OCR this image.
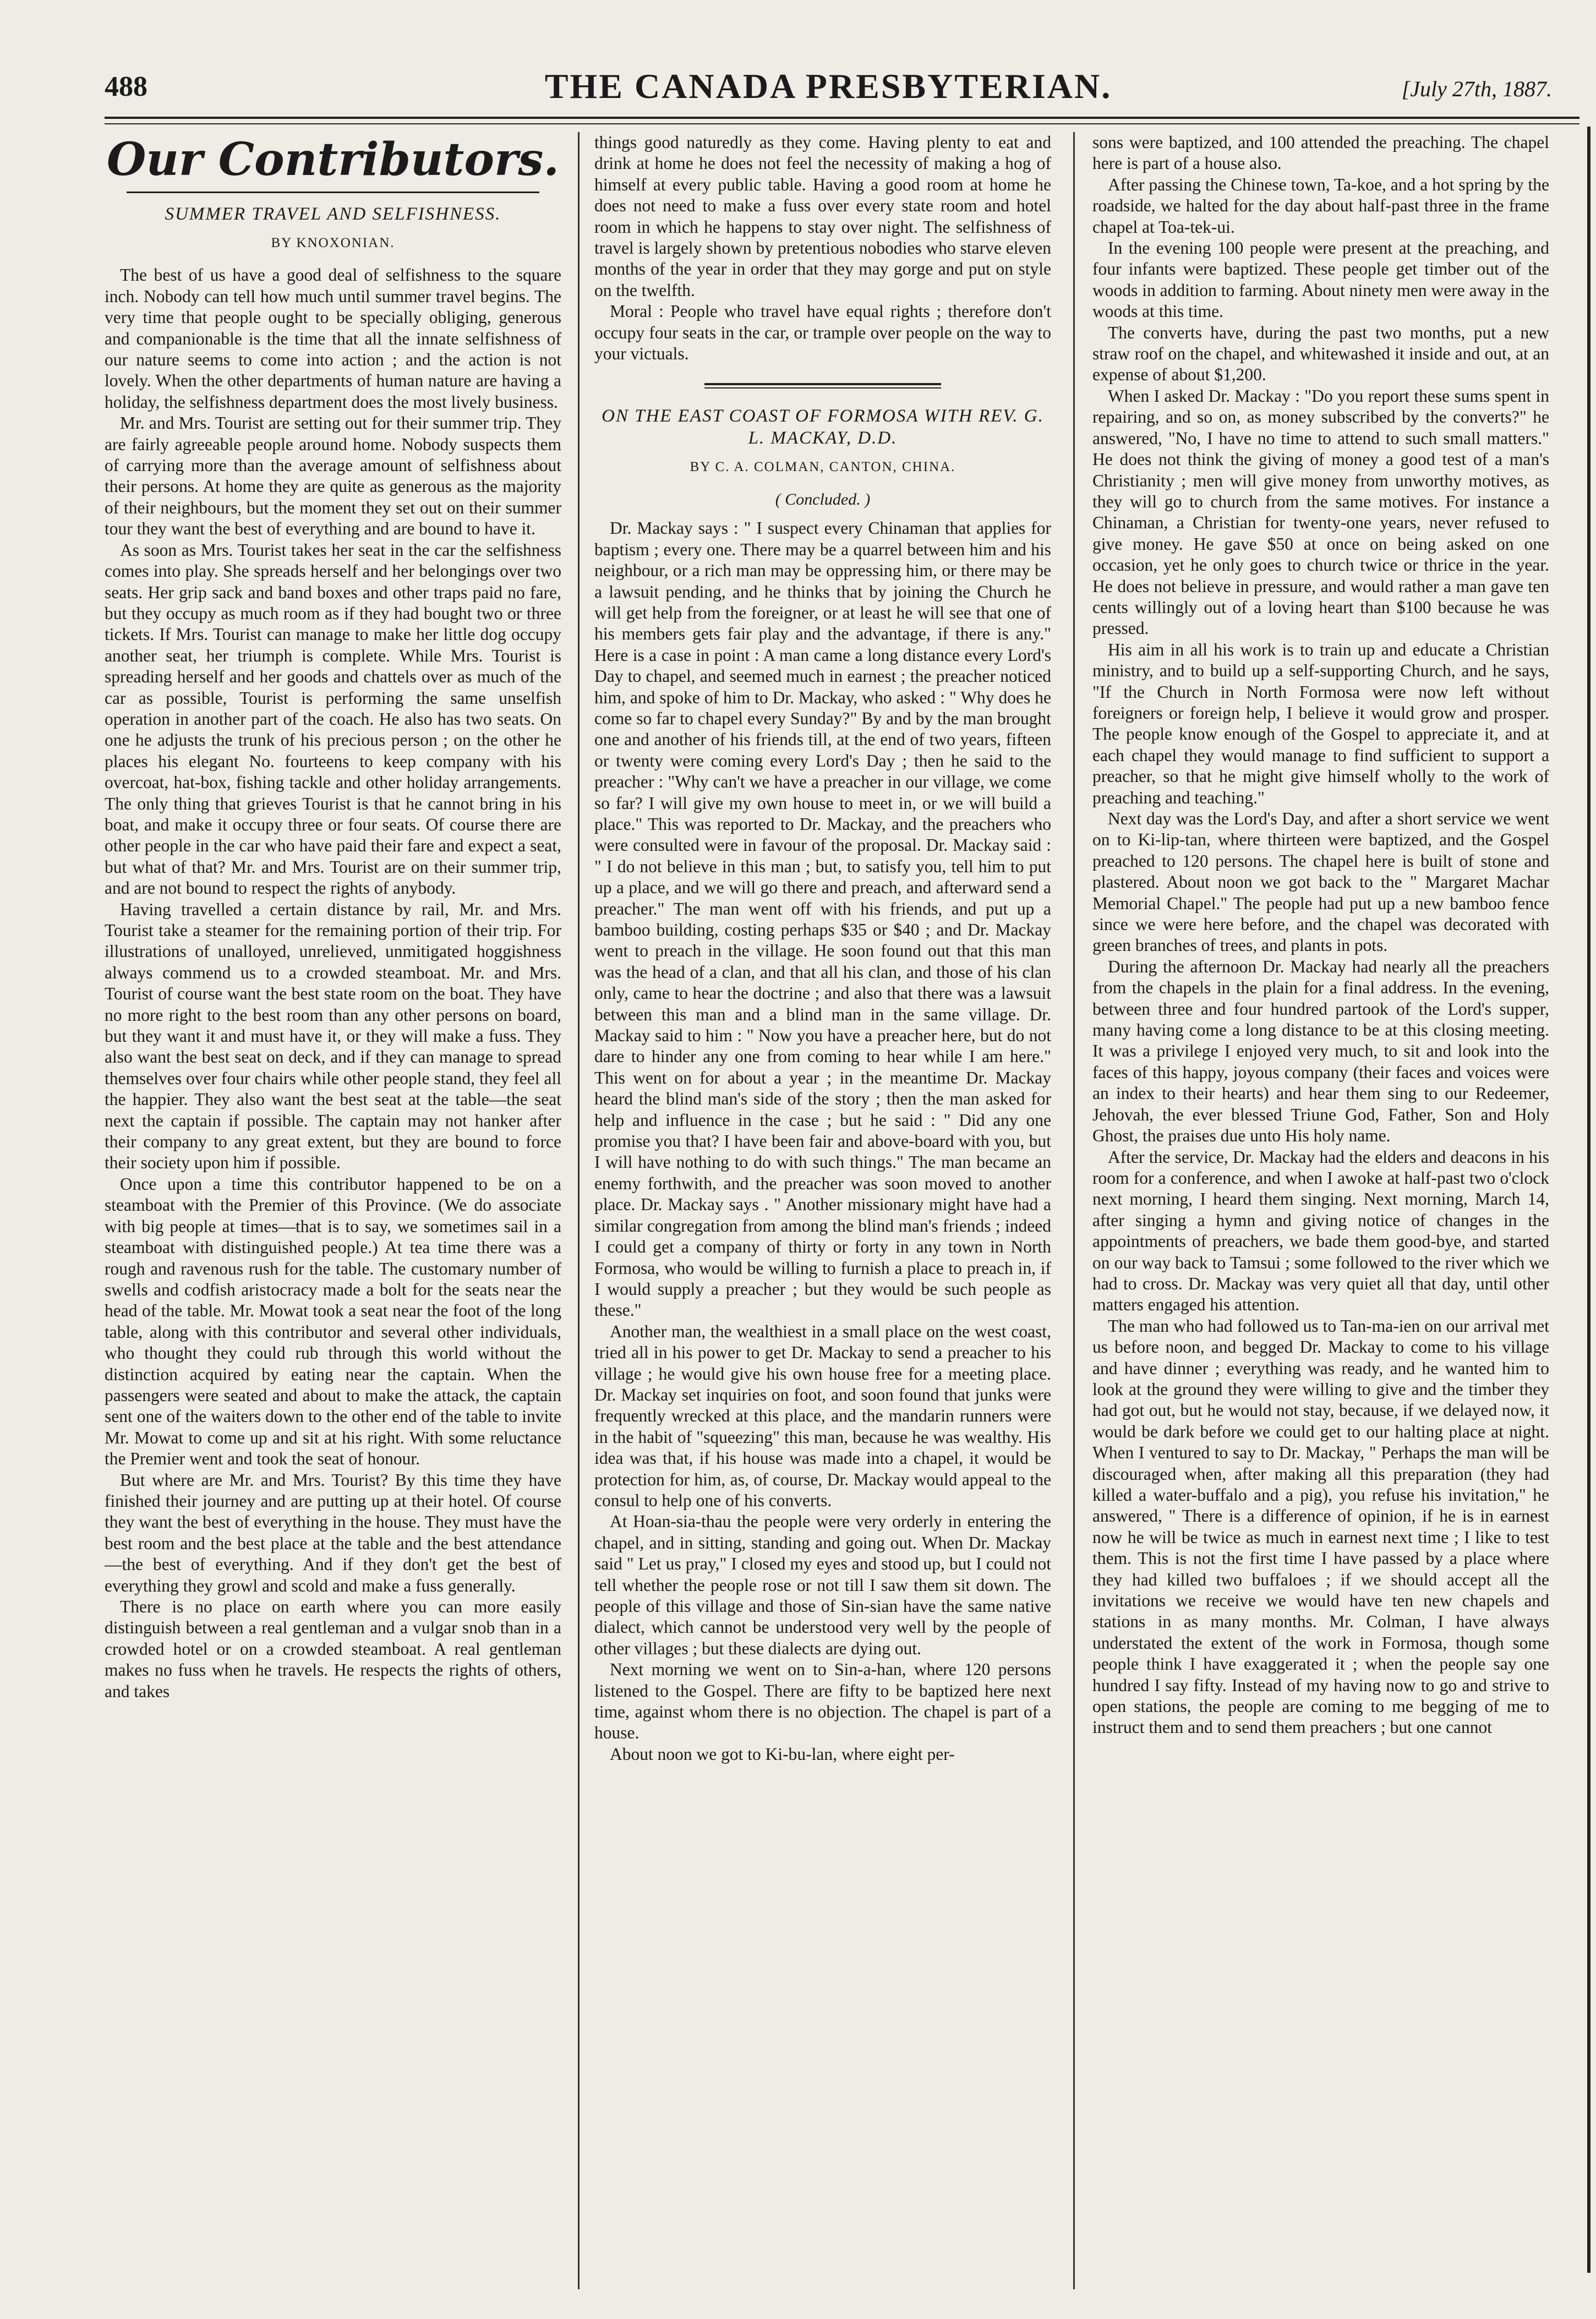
488	THE CANADA PRESBYTERIAN.	[July 27th, 1887.
Our Contributors.
SUMMER TRAVEL AND SELFISHNESS.
BY KNOXONIAN.

The best of us have a good deal of selfishness to the square inch. Nobody can tell how much until summer travel begins. The very time that people ought to be specially obliging, generous and companionable is the time that all the innate selfishness of our nature seems to come into action ; and the action is not lovely. When the other departments of human nature are having a holiday, the selfishness department does the most lively business.

Mr. and Mrs. Tourist are setting out for their summer trip. They are fairly agreeable people around home. Nobody suspects them of carrying more than the average amount of selfishness about their persons. At home they are quite as generous as the majority of their neighbours, but the moment they set out on their summer tour they want the best of everything and are bound to have it.

As soon as Mrs. Tourist takes her seat in the car the selfishness comes into play. She spreads herself and her belongings over two seats. Her grip sack and band boxes and other traps paid no fare, but they occupy as much room as if they had bought two or three tickets. If Mrs. Tourist can manage to make her little dog occupy another seat, her triumph is complete. While Mrs. Tourist is spreading herself and her goods and chattels over as much of the car as possible, Tourist is performing the same unselfish operation in another part of the coach. He also has two seats. On one he adjusts the trunk of his precious person ; on the other he places his elegant No. fourteens to keep company with his overcoat, hat-box, fishing tackle and other holiday arrangements. The only thing that grieves Tourist is that he cannot bring in his boat, and make it occupy three or four seats. Of course there are other people in the car who have paid their fare and expect a seat, but what of that? Mr. and Mrs. Tourist are on their summer trip, and are not bound to respect the rights of anybody.

Having travelled a certain distance by rail, Mr. and Mrs. Tourist take a steamer for the remaining portion of their trip. For illustrations of unalloyed, unrelieved, unmitigated hoggishness always commend us to a crowded steamboat. Mr. and Mrs. Tourist of course want the best state room on the boat. They have no more right to the best room than any other persons on board, but they want it and must have it, or they will make a fuss. They also want the best seat on deck, and if they can manage to spread themselves over four chairs while other people stand, they feel all the happier. They also want the best seat at the table—the seat next the captain if possible. The captain may not hanker after their company to any great extent, but they are bound to force their society upon him if possible.

Once upon a time this contributor happened to be on a steamboat with the Premier of this Province. (We do associate with big people at times—that is to say, we sometimes sail in a steamboat with distinguished people.) At tea time there was a rough and ravenous rush for the table. The customary number of swells and codfish aristocracy made a bolt for the seats near the head of the table. Mr. Mowat took a seat near the foot of the long table, along with this contributor and several other individuals, who thought they could rub through this world without the distinction acquired by eating near the captain. When the passengers were seated and about to make the attack, the captain sent one of the waiters down to the other end of the table to invite Mr. Mowat to come up and sit at his right. With some reluctance the Premier went and took the seat of honour.

But where are Mr. and Mrs. Tourist? By this time they have finished their journey and are putting up at their hotel. Of course they want the best of everything in the house. They must have the best room and the best place at the table and the best attendance—the best of everything. And if they don't get the best of everything they growl and scold and make a fuss generally.

There is no place on earth where you can more easily distinguish between a real gentleman and a vulgar snob than in a crowded hotel or on a crowded steamboat. A real gentleman makes no fuss when he travels. He respects the rights of others, and takes

things good naturedly as they come. Having plenty to eat and drink at home he does not feel the necessity of making a hog of himself at every public table. Having a good room at home he does not need to make a fuss over every state room and hotel room in which he happens to stay over night. The selfishness of travel is largely shown by pretentious nobodies who starve eleven months of the year in order that they may gorge and put on style on the twelfth.

Moral : People who travel have equal rights ; therefore don't occupy four seats in the car, or trample over people on the way to your victuals.

ON THE EAST COAST OF FORMOSA WITH REV. G. L. MACKAY, D.D.
BY C. A. COLMAN, CANTON, CHINA.
( Concluded. )

Dr. Mackay says : " I suspect every Chinaman that applies for baptism ; every one. There may be a quarrel between him and his neighbour, or a rich man may be oppressing him, or there may be a lawsuit pending, and he thinks that by joining the Church he will get help from the foreigner, or at least he will see that one of his members gets fair play and the advantage, if there is any." Here is a case in point : A man came a long distance every Lord's Day to chapel, and seemed much in earnest ; the preacher noticed him, and spoke of him to Dr. Mackay, who asked : " Why does he come so far to chapel every Sunday?" By and by the man brought one and another of his friends till, at the end of two years, fifteen or twenty were coming every Lord's Day ; then he said to the preacher : "Why can't we have a preacher in our village, we come so far? I will give my own house to meet in, or we will build a place." This was reported to Dr. Mackay, and the preachers who were consulted were in favour of the proposal. Dr. Mackay said : " I do not believe in this man ; but, to satisfy you, tell him to put up a place, and we will go there and preach, and afterward send a preacher." The man went off with his friends, and put up a bamboo building, costing perhaps $35 or $40 ; and Dr. Mackay went to preach in the village. He soon found out that this man was the head of a clan, and that all his clan, and those of his clan only, came to hear the doctrine ; and also that there was a lawsuit between this man and a blind man in the same village. Dr. Mackay said to him : " Now you have a preacher here, but do not dare to hinder any one from coming to hear while I am here." This went on for about a year ; in the meantime Dr. Mackay heard the blind man's side of the story ; then the man asked for help and influence in the case ; but he said : " Did any one promise you that? I have been fair and above-board with you, but I will have nothing to do with such things." The man became an enemy forthwith, and the preacher was soon moved to another place. Dr. Mackay says . " Another missionary might have had a similar congregation from among the blind man's friends ; indeed I could get a company of thirty or forty in any town in North Formosa, who would be willing to furnish a place to preach in, if I would supply a preacher ; but they would be such people as these."

Another man, the wealthiest in a small place on the west coast, tried all in his power to get Dr. Mackay to send a preacher to his village ; he would give his own house free for a meeting place. Dr. Mackay set inquiries on foot, and soon found that junks were frequently wrecked at this place, and the mandarin runners were in the habit of "squeezing" this man, because he was wealthy. His idea was that, if his house was made into a chapel, it would be protection for him, as, of course, Dr. Mackay would appeal to the consul to help one of his converts.

At Hoan-sia-thau the people were very orderly in entering the chapel, and in sitting, standing and going out. When Dr. Mackay said " Let us pray," I closed my eyes and stood up, but I could not tell whether the people rose or not till I saw them sit down. The people of this village and those of Sin-sian have the same native dialect, which cannot be understood very well by the people of other villages ; but these dialects are dying out.

Next morning we went on to Sin-a-han, where 120 persons listened to the Gospel. There are fifty to be baptized here next time, against whom there is no objection. The chapel is part of a house.

About noon we got to Ki-bu-lan, where eight per-

sons were baptized, and 100 attended the preaching. The chapel here is part of a house also.

After passing the Chinese town, Ta-koe, and a hot spring by the roadside, we halted for the day about half-past three in the frame chapel at Toa-tek-ui.

In the evening 100 people were present at the preaching, and four infants were baptized. These people get timber out of the woods in addition to farming. About ninety men were away in the woods at this time.

The converts have, during the past two months, put a new straw roof on the chapel, and whitewashed it inside and out, at an expense of about $1,200.

When I asked Dr. Mackay : "Do you report these sums spent in repairing, and so on, as money subscribed by the converts?" he answered, "No, I have no time to attend to such small matters." He does not think the giving of money a good test of a man's Christianity ; men will give money from unworthy motives, as they will go to church from the same motives. For instance a Chinaman, a Christian for twenty-one years, never refused to give money. He gave $50 at once on being asked on one occasion, yet he only goes to church twice or thrice in the year. He does not believe in pressure, and would rather a man gave ten cents willingly out of a loving heart than $100 because he was pressed.

His aim in all his work is to train up and educate a Christian ministry, and to build up a self-supporting Church, and he says, "If the Church in North Formosa were now left without foreigners or foreign help, I believe it would grow and prosper. The people know enough of the Gospel to appreciate it, and at each chapel they would manage to find sufficient to support a preacher, so that he might give himself wholly to the work of preaching and teaching."

Next day was the Lord's Day, and after a short service we went on to Ki-lip-tan, where thirteen were baptized, and the Gospel preached to 120 persons. The chapel here is built of stone and plastered. About noon we got back to the " Margaret Machar Memorial Chapel." The people had put up a new bamboo fence since we were here before, and the chapel was decorated with green branches of trees, and plants in pots.

During the afternoon Dr. Mackay had nearly all the preachers from the chapels in the plain for a final address. In the evening, between three and four hundred partook of the Lord's supper, many having come a long distance to be at this closing meeting. It was a privilege I enjoyed very much, to sit and look into the faces of this happy, joyous company (their faces and voices were an index to their hearts) and hear them sing to our Redeemer, Jehovah, the ever blessed Triune God, Father, Son and Holy Ghost, the praises due unto His holy name.

After the service, Dr. Mackay had the elders and deacons in his room for a conference, and when I awoke at half-past two o'clock next morning, I heard them singing. Next morning, March 14, after singing a hymn and giving notice of changes in the appointments of preachers, we bade them good-bye, and started on our way back to Tamsui ; some followed to the river which we had to cross. Dr. Mackay was very quiet all that day, until other matters engaged his attention.

The man who had followed us to Tan-ma-ien on our arrival met us before noon, and begged Dr. Mackay to come to his village and have dinner ; everything was ready, and he wanted him to look at the ground they were willing to give and the timber they had got out, but he would not stay, because, if we delayed now, it would be dark before we could get to our halting place at night. When I ventured to say to Dr. Mackay, " Perhaps the man will be discouraged when, after making all this preparation (they had killed a water-buffalo and a pig), you refuse his invitation," he answered, " There is a difference of opinion, if he is in earnest now he will be twice as much in earnest next time ; I like to test them. This is not the first time I have passed by a place where they had killed two buffaloes ; if we should accept all the invitations we receive we would have ten new chapels and stations in as many months. Mr. Colman, I have always understated the extent of the work in Formosa, though some people think I have exaggerated it ; when the people say one hundred I say fifty. Instead of my having now to go and strive to open stations, the people are coming to me begging of me to instruct them and to send them preachers ; but one cannot
